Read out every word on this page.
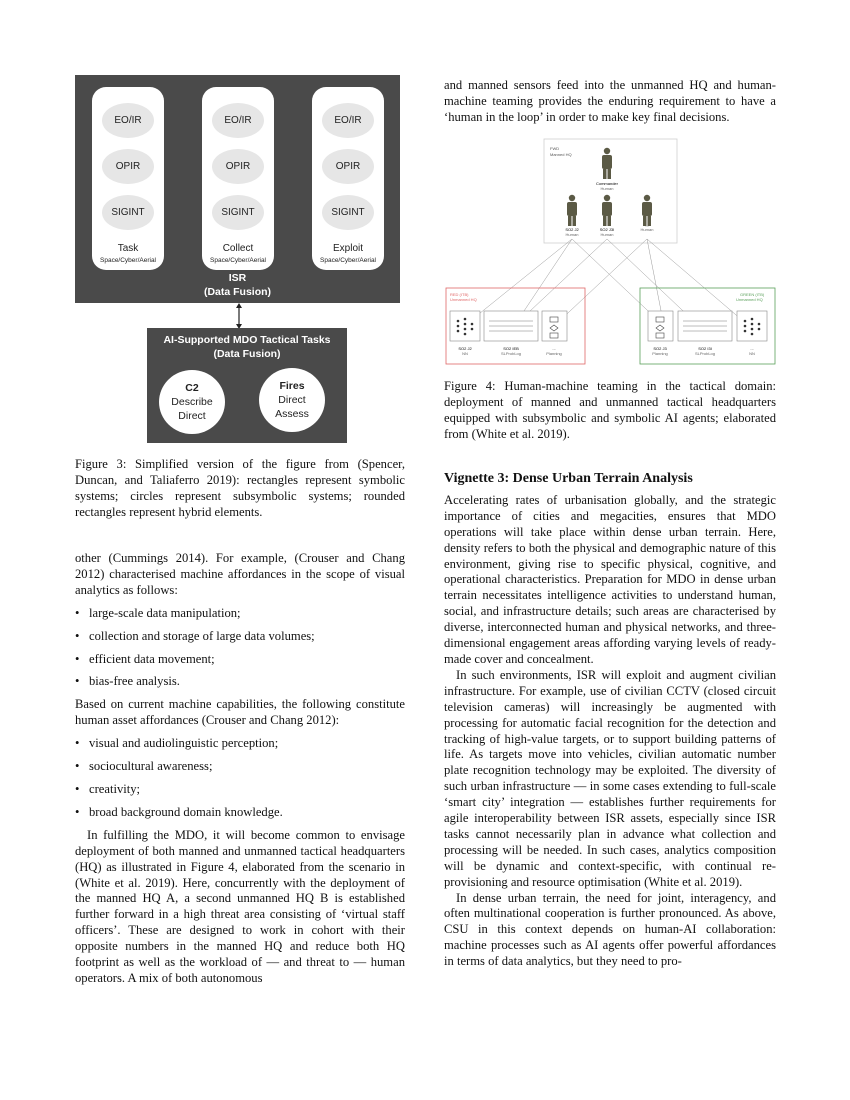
EO/IR
OPIR
SIGINT
Task
Space/Cyber/Aerial
EO/IR
OPIR
SIGINT
Collect
Space/Cyber/Aerial
EO/IR
OPIR
SIGINT
Exploit
Space/Cyber/Aerial
ISR
(Data Fusion)
AI-Supported MDO Tactical Tasks
(Data Fusion)
C2
Describe
Direct
Fires
Direct
Assess
Figure 3: Simplified version of the figure from (Spencer, Duncan, and Taliaferro 2019): rectangles represent symbolic systems; circles represent subsymbolic systems; rounded rectangles represent hybrid elements.

other (Cummings 2014). For example, (Crouser and Chang 2012) characterised machine affordances in the scope of visual analytics as follows:

• large-scale data manipulation;
• collection and storage of large data volumes;
• efficient data movement;
• bias-free analysis.

Based on current machine capabilities, the following constitute human asset affordances (Crouser and Chang 2012):

• visual and audiolinguistic perception;
• sociocultural awareness;
• creativity;
• broad background domain knowledge.

In fulfilling the MDO, it will become common to envisage deployment of both manned and unmanned tactical headquarters (HQ) as illustrated in Figure 4, elaborated from the scenario in (White et al. 2019). Here, concurrently with the deployment of the manned HQ A, a second unmanned HQ B is established further forward in a high threat area consisting of ‘virtual staff officers’. These are designed to work in cohort with their opposite numbers in the manned HQ and reduce both HQ footprint as well as the workload of — and threat to — human operators. A mix of both autonomous

and manned sensors feed into the unmanned HQ and human-machine teaming provides the enduring requirement to have a ‘human in the loop’ in order to make key final decisions.

FWD
Manned HQ
Commander
Human
SO2 J2
Human
SO2 J3I
Human
Human
...
RED (ITB)
Unmanned HQ
GREEN (ITB)
Unmanned HQ
SO2 J2
NN
SO2 IEB
SLProbLog
...
Planning
SO2 J3
Planning
SO2 I3I
SLProbLog
...
NN
Figure 4: Human-machine teaming in the tactical domain: deployment of manned and unmanned tactical headquarters equipped with subsymbolic and symbolic AI agents; elaborated from (White et al. 2019).
Vignette 3: Dense Urban Terrain Analysis

Accelerating rates of urbanisation globally, and the strategic importance of cities and megacities, ensures that MDO operations will take place within dense urban terrain. Here, density refers to both the physical and demographic nature of this environment, giving rise to specific physical, cognitive, and operational characteristics. Preparation for MDO in dense urban terrain necessitates intelligence activities to understand human, social, and infrastructure details; such areas are characterised by diverse, interconnected human and physical networks, and three-dimensional engagement areas affording varying levels of ready-made cover and concealment.

In such environments, ISR will exploit and augment civilian infrastructure. For example, use of civilian CCTV (closed circuit television cameras) will increasingly be augmented with processing for automatic facial recognition for the detection and tracking of high-value targets, or to support building patterns of life. As targets move into vehicles, civilian automatic number plate recognition technology may be exploited. The diversity of such urban infrastructure — in some cases extending to full-scale ‘smart city’ integration — establishes further requirements for agile interoperability between ISR assets, especially since ISR tasks cannot necessarily plan in advance what collection and processing will be needed. In such cases, analytics composition will be dynamic and context-specific, with continual re-provisioning and resource optimisation (White et al. 2019).

In dense urban terrain, the need for joint, interagency, and often multinational cooperation is further pronounced. As above, CSU in this context depends on human-AI collaboration: machine processes such as AI agents offer powerful affordances in terms of data analytics, but they need to pro-
